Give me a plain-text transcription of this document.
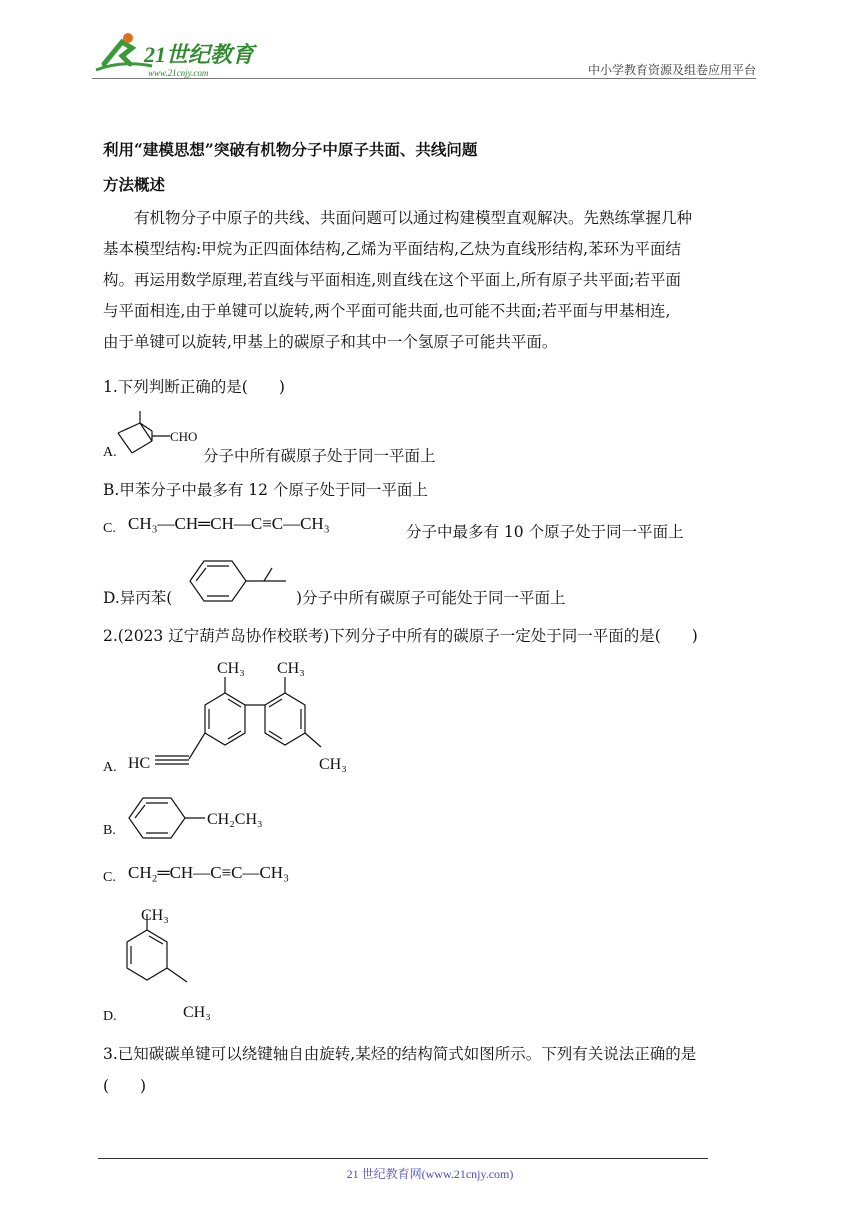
21世纪教育
www.21cnjy.com	中小学教育资源及组卷应用平台
利用“建模思想”突破有机物分子中原子共面、共线问题
方法概述
有机物分子中原子的共线、共面问题可以通过构建模型直观解决。先熟练掌握几种
基本模型结构:甲烷为正四面体结构,乙烯为平面结构,乙炔为直线形结构,苯环为平面结
构。再运用数学原理,若直线与平面相连,则直线在这个平面上,所有原子共平面;若平面
与平面相连,由于单键可以旋转,两个平面可能共面,也可能不共面;若平面与甲基相连,
由于单键可以旋转,甲基上的碳原子和其中一个氢原子可能共平面。
1.下列判断正确的是(　　)
A.
CHO
分子中所有碳原子处于同一平面上
B.甲苯分子中最多有 12 个原子处于同一平面上
C. CH₃—CH═CH—C≡C—CH₃	分子中最多有 10 个原子处于同一平面上
D.异丙苯(	)分子中所有碳原子可能处于同一平面上
2.(2023 辽宁葫芦岛协作校联考)下列分子中所有的碳原子一定处于同一平面的是(　　)
A.
CH₃ CH₃
CH₃
HC
B.
CH₂CH₃
C. CH₂═CH—C≡C—CH₃
D.
CH₃
CH₃
3.已知碳碳单键可以绕键轴自由旋转,某烃的结构简式如图所示。下列有关说法正确的是
(　　)
21 世纪教育网(www.21cnjy.com)
